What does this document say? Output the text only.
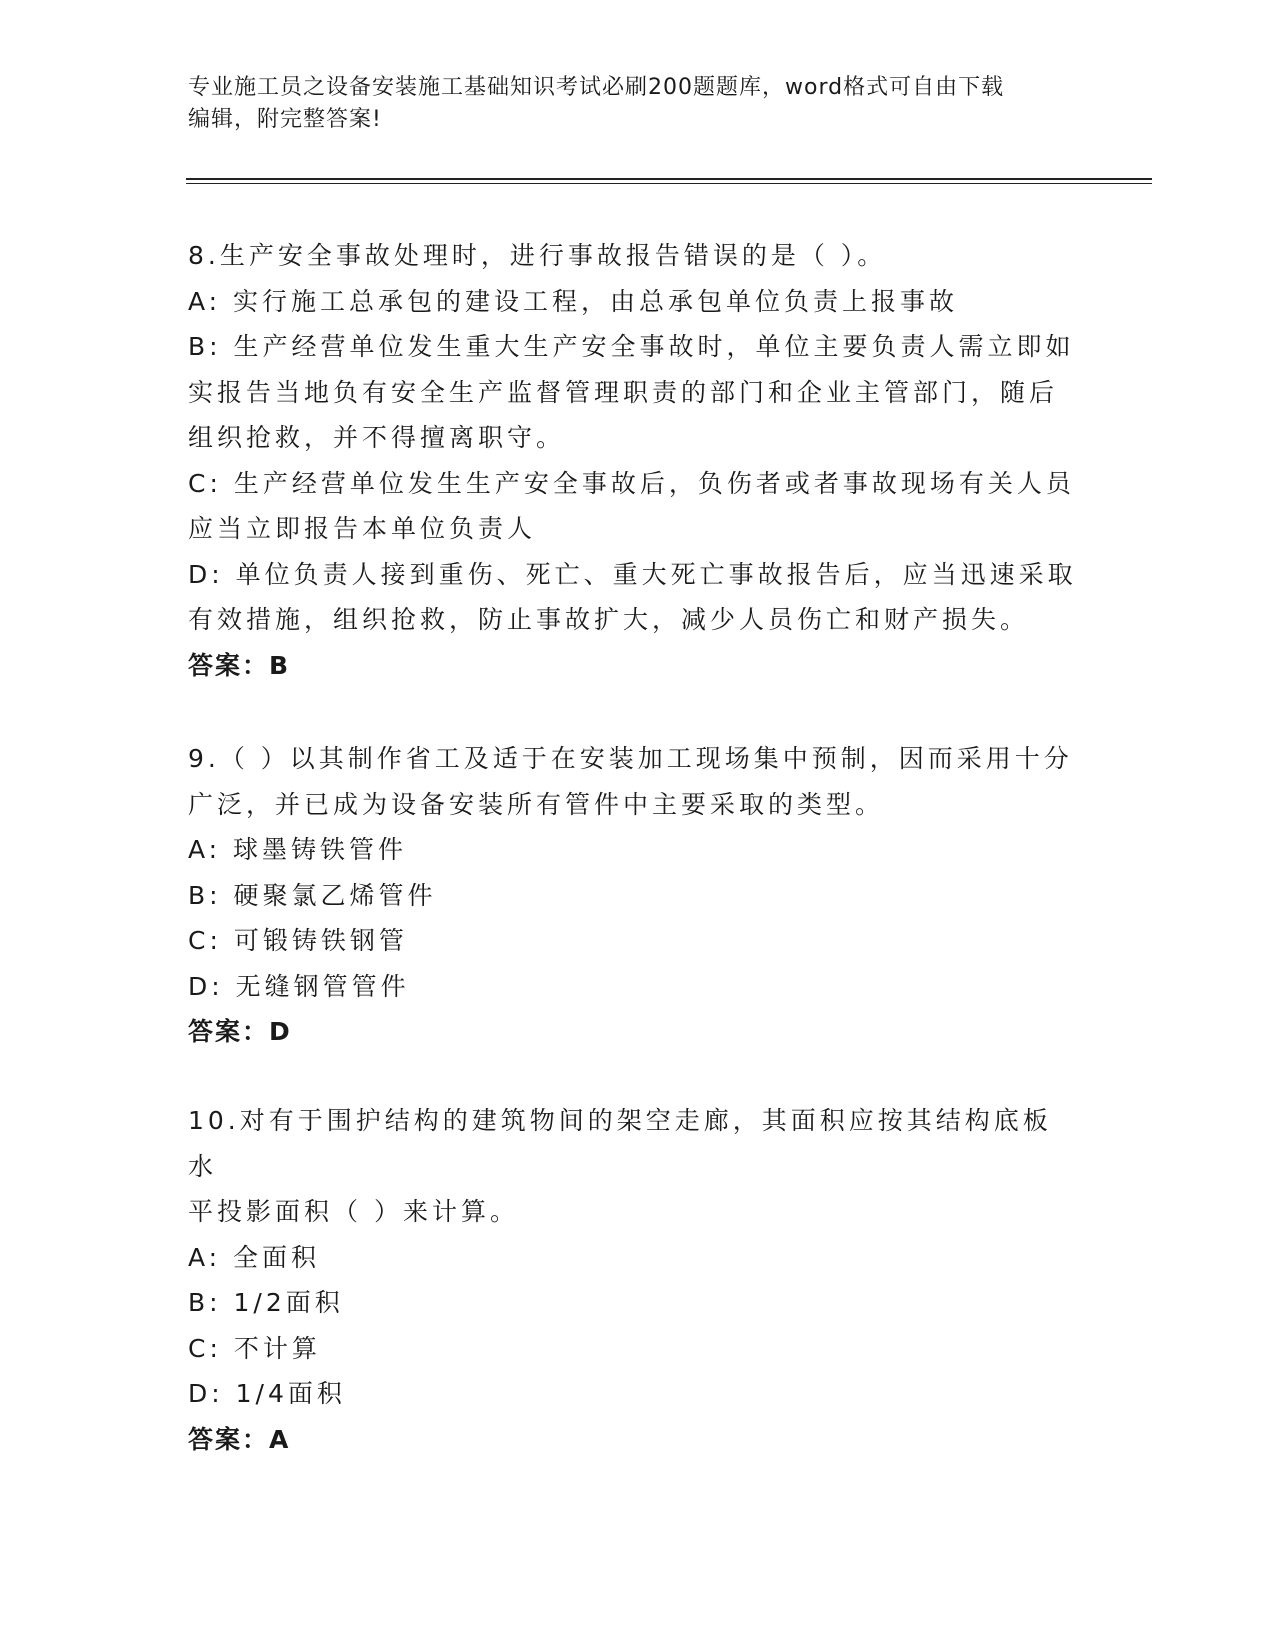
专业施工员之设备安装施工基础知识考试必刷200题题库，word格式可自由下载
编辑，附完整答案!

8.生产安全事故处理时，进行事故报告错误的是（ ）。

A: 实行施工总承包的建设工程，由总承包单位负责上报事故

B: 生产经营单位发生重大生产安全事故时，单位主要负责人需立即如

实报告当地负有安全生产监督管理职责的部门和企业主管部门，随后

组织抢救，并不得擅离职守。

C: 生产经营单位发生生产安全事故后，负伤者或者事故现场有关人员

应当立即报告本单位负责人

D: 单位负责人接到重伤、死亡、重大死亡事故报告后，应当迅速采取

有效措施，组织抢救，防止事故扩大，减少人员伤亡和财产损失。

答案：B

9.（ ）以其制作省工及适于在安装加工现场集中预制，因而采用十分

广泛，并已成为设备安装所有管件中主要采取的类型。

A: 球墨铸铁管件

B: 硬聚氯乙烯管件

C: 可锻铸铁钢管

D: 无缝钢管管件

答案：D

10.对有于围护结构的建筑物间的架空走廊，其面积应按其结构底板水

平投影面积（ ）来计算。

A: 全面积

B: 1/2面积

C: 不计算

D: 1/4面积

答案：A
